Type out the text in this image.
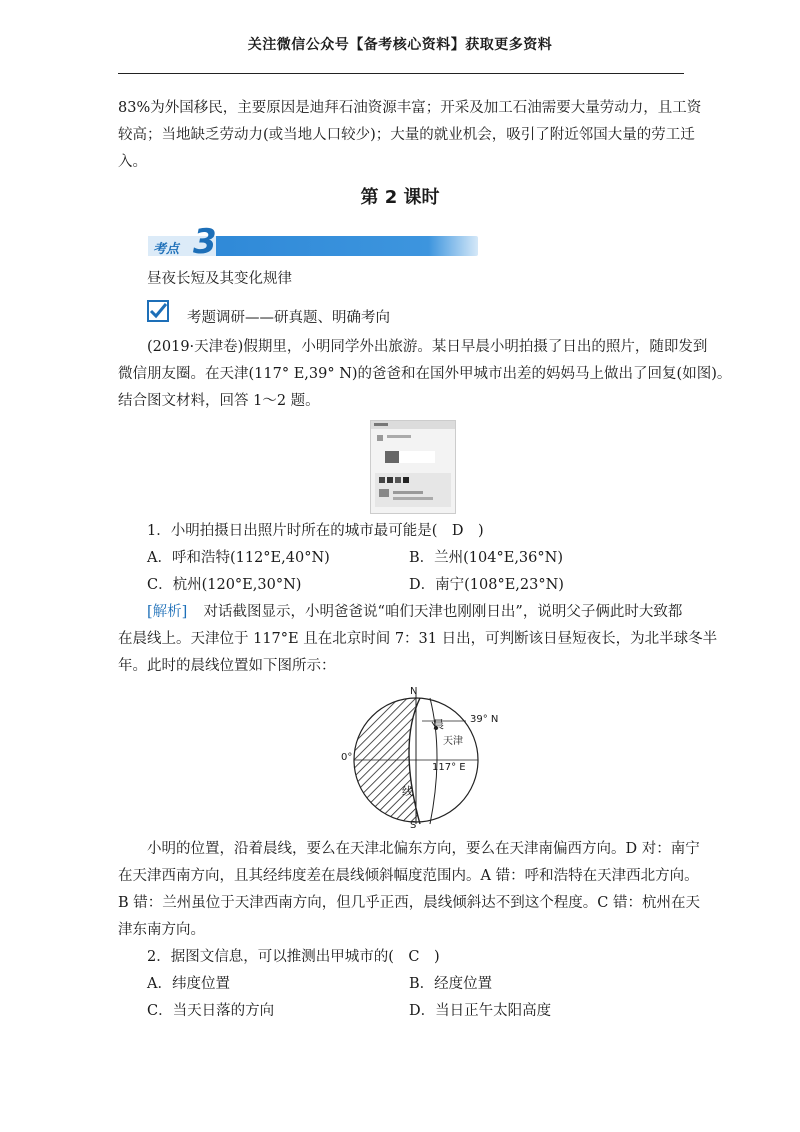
关注微信公众号【备考核心资料】获取更多资料
83%为外国移民，主要原因是迪拜石油资源丰富；开采及加工石油需要大量劳动力，且工资
较高；当地缺乏劳动力(或当地人口较少)；大量的就业机会，吸引了附近邻国大量的劳工迁
入。
第 2 课时
考点 3
昼夜长短及其变化规律
考题调研——研真题、明确考向
(2019·天津卷)假期里，小明同学外出旅游。某日早晨小明拍摄了日出的照片，随即发到
微信朋友圈。在天津(117° E,39° N)的爸爸和在国外甲城市出差的妈妈马上做出了回复(如图)。
结合图文材料，回答 1～2 题。
1．小明拍摄日出照片时所在的城市最可能是(　D　)
A．呼和浩特(112°E,40°N)	B．兰州(104°E,36°N)
C．杭州(120°E,30°N)	D．南宁(108°E,23°N)
[解析] 　对话截图显示，小明爸爸说“咱们天津也刚刚日出”，说明父子俩此时大致都
在晨线上。天津位于 117°E 且在北京时间 7：31 日出，可判断该日昼短夜长，为北半球冬半
年。此时的晨线位置如下图所示：
N
S
0°
39° N
117° E
晨
天津
线
小明的位置，沿着晨线，要么在天津北偏东方向，要么在天津南偏西方向。D 对：南宁
在天津西南方向，且其经纬度差在晨线倾斜幅度范围内。A 错：呼和浩特在天津西北方向。
B 错：兰州虽位于天津西南方向，但几乎正西，晨线倾斜达不到这个程度。C 错：杭州在天
津东南方向。
2．据图文信息，可以推测出甲城市的(　C　)
A．纬度位置	B．经度位置
C．当天日落的方向	D．当日正午太阳高度
